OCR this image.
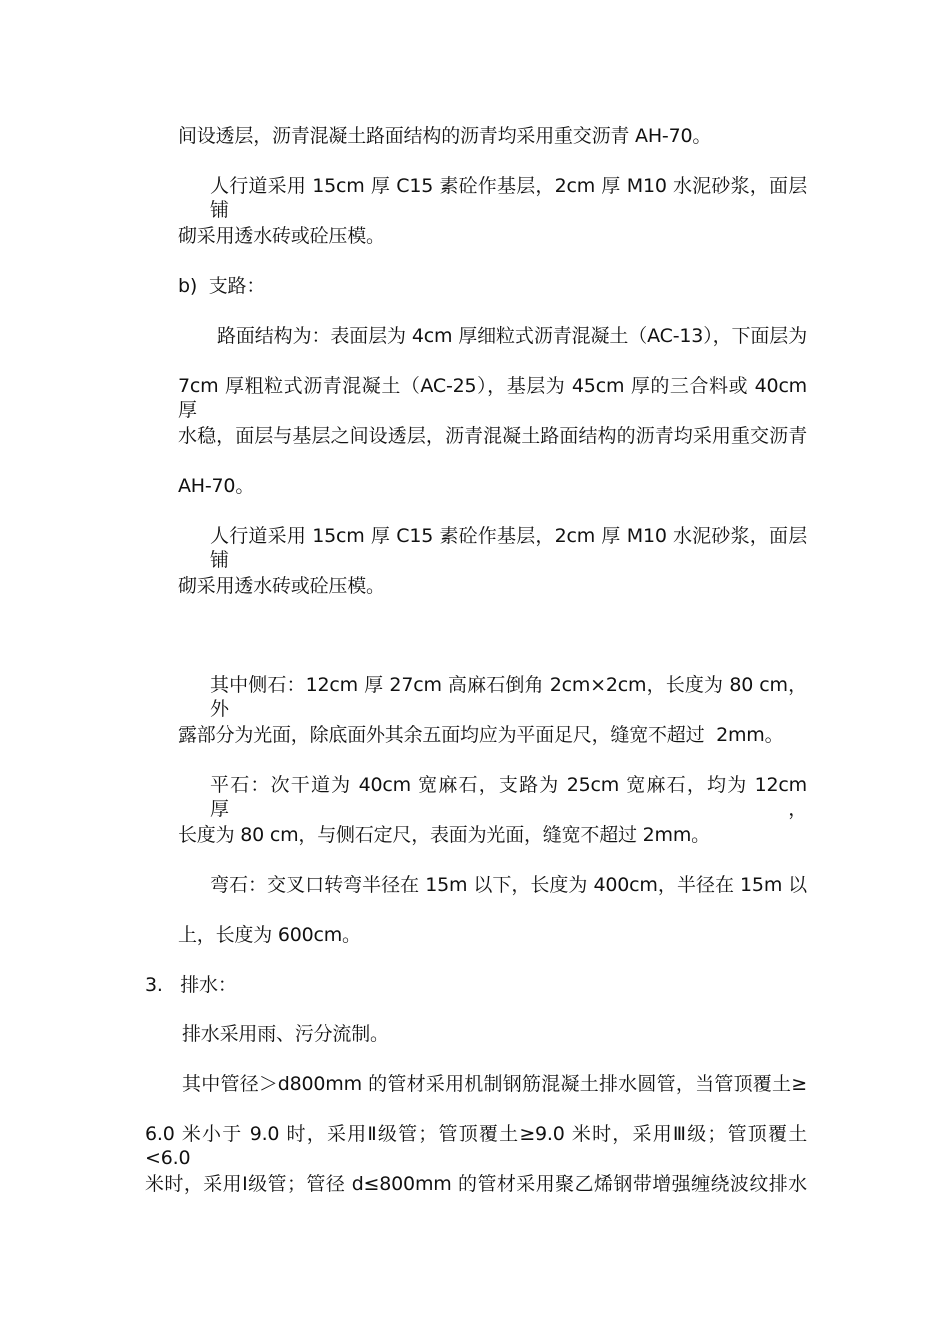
间设透层，沥青混凝土路面结构的沥青均采用重交沥青 AH-70。
人行道采用 15cm 厚 C15 素砼作基层，2cm 厚 M10 水泥砂浆，面层铺
砌采用透水砖或砼压模。
b)  支路：
路面结构为：表面层为 4cm 厚细粒式沥青混凝土（AC-13），下面层为
7cm 厚粗粒式沥青混凝土（AC-25），基层为 45cm 厚的三合料或 40cm 厚
水稳，面层与基层之间设透层，沥青混凝土路面结构的沥青均采用重交沥青
AH-70。
人行道采用 15cm 厚 C15 素砼作基层，2cm 厚 M10 水泥砂浆，面层铺
砌采用透水砖或砼压模。
其中侧石：12cm 厚 27cm 高麻石倒角 2cm×2cm，长度为 80 cm，外
露部分为光面，除底面外其余五面均应为平面足尺，缝宽不超过  2mm。
平石：次干道为 40cm 宽麻石，支路为 25cm 宽麻石，均为 12cm 厚，
长度为 80 cm，与侧石定尺，表面为光面，缝宽不超过 2mm。
弯石：交叉口转弯半径在 15m 以下，长度为 400cm，半径在 15m 以
上，长度为 600cm。
3.   排水：
排水采用雨、污分流制。
其中管径＞d800mm 的管材采用机制钢筋混凝土排水圆管，当管顶覆土≥
6.0 米小于 9.0 时，采用Ⅱ级管；管顶覆土≥9.0 米时，采用Ⅲ级；管顶覆土<6.0
米时，采用Ⅰ级管；管径 d≤800mm 的管材采用聚乙烯钢带增强缠绕波纹排水
